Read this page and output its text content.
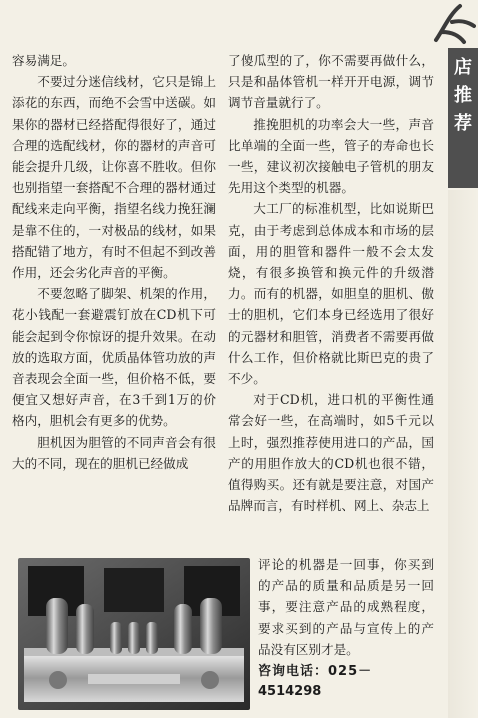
店
推
荐

容易满足。

不要过分迷信线材，它只是锦上添花的东西，而绝不会雪中送碳。如果你的器材已经搭配得很好了，通过合理的选配线材，你的器材的声音可能会提升几级，让你喜不胜收。但你也别指望一套搭配不合理的器材通过配线来走向平衡，指望名线力挽狂澜是靠不住的，一对极品的线材，如果搭配错了地方，有时不但起不到改善作用，还会劣化声音的平衡。

不要忽略了脚架、机架的作用，花小钱配一套避震钉放在CD机下可能会起到令你惊讶的提升效果。在动放的选取方面，优质晶体管功放的声音表现会全面一些，但价格不低，要便宜又想好声音，在3千到1万的价格内，胆机会有更多的优势。

胆机因为胆管的不同声音会有很大的不同，现在的胆机已经做成

了傻瓜型的了，你不需要再做什么，只是和晶体管机一样开开电源，调节调节音量就行了。

推挽胆机的功率会大一些，声音比单端的全面一些，管子的寿命也长一些，建议初次接触电子管机的朋友先用这个类型的机器。

大工厂的标准机型，比如说斯巴克，由于考虑到总体成本和市场的层面，用的胆管和器件一般不会太发烧，有很多换管和换元件的升级潜力。而有的机器，如胆皇的胆机、傲士的胆机，它们本身已经选用了很好的元器材和胆管，消费者不需要再做什么工作，但价格就比斯巴克的贵了不少。

对于CD机，进口机的平衡性通常会好一些，在高端时，如5千元以上时，强烈推荐使用进口的产品，国产的用胆作放大的CD机也很不错，值得购买。还有就是要注意，对国产品牌而言，有时样机、网上、杂志上

评论的机器是一回事，你买到的产品的质量和品质是另一回事，要注意产品的成熟程度，要求买到的产品与宣传上的产品没有区别才是。

咨询电话：025－
4514298
